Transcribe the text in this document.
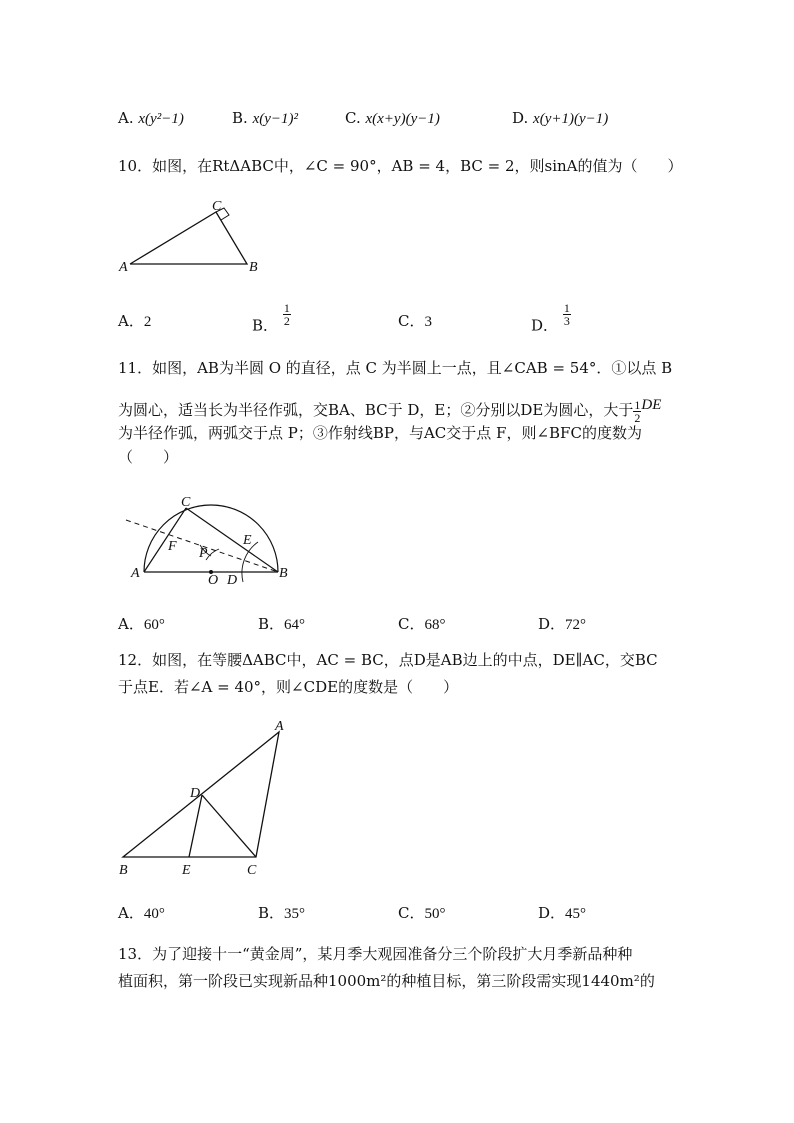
A. x(y²−1)	B. x(y−1)²	C. x(x+y)(y−1)	D. x(y+1)(y−1)
10．如图，在RtΔABC中，∠C = 90°，AB = 4，BC = 2，则sinA的值为（　　）
C
A	B
A．2	B． $\frac{1}{2}$	C．3	D． $\frac{1}{3}$
11．如图，AB为半圆 O 的直径，点 C 为半圆上一点，且∠CAB = 54°．①以点 B
为圆心，适当长为半径作弧，交BA、BC于 D，E；②分别以DE为圆心，大于 $\frac{1}{2}$ DE
为半径作弧，两弧交于点 P；③作射线BP，与AC交于点 F，则∠BFC的度数为
（　　）
C
F P
E
A	O D	B
A．60°	B．64°	C．68°	D．72°
12．如图，在等腰ΔABC中，AC = BC，点D是AB边上的中点，DE∥AC，交BC
于点E．若∠A = 40°，则∠CDE的度数是（　　）
A
D
B	E	C
A．40°	B．35°	C．50°	D．45°
13．为了迎接十一“黄金周”，某月季大观园准备分三个阶段扩大月季新品种种
植面积，第一阶段已实现新品种1000m²的种植目标，第三阶段需实现1440m²的
